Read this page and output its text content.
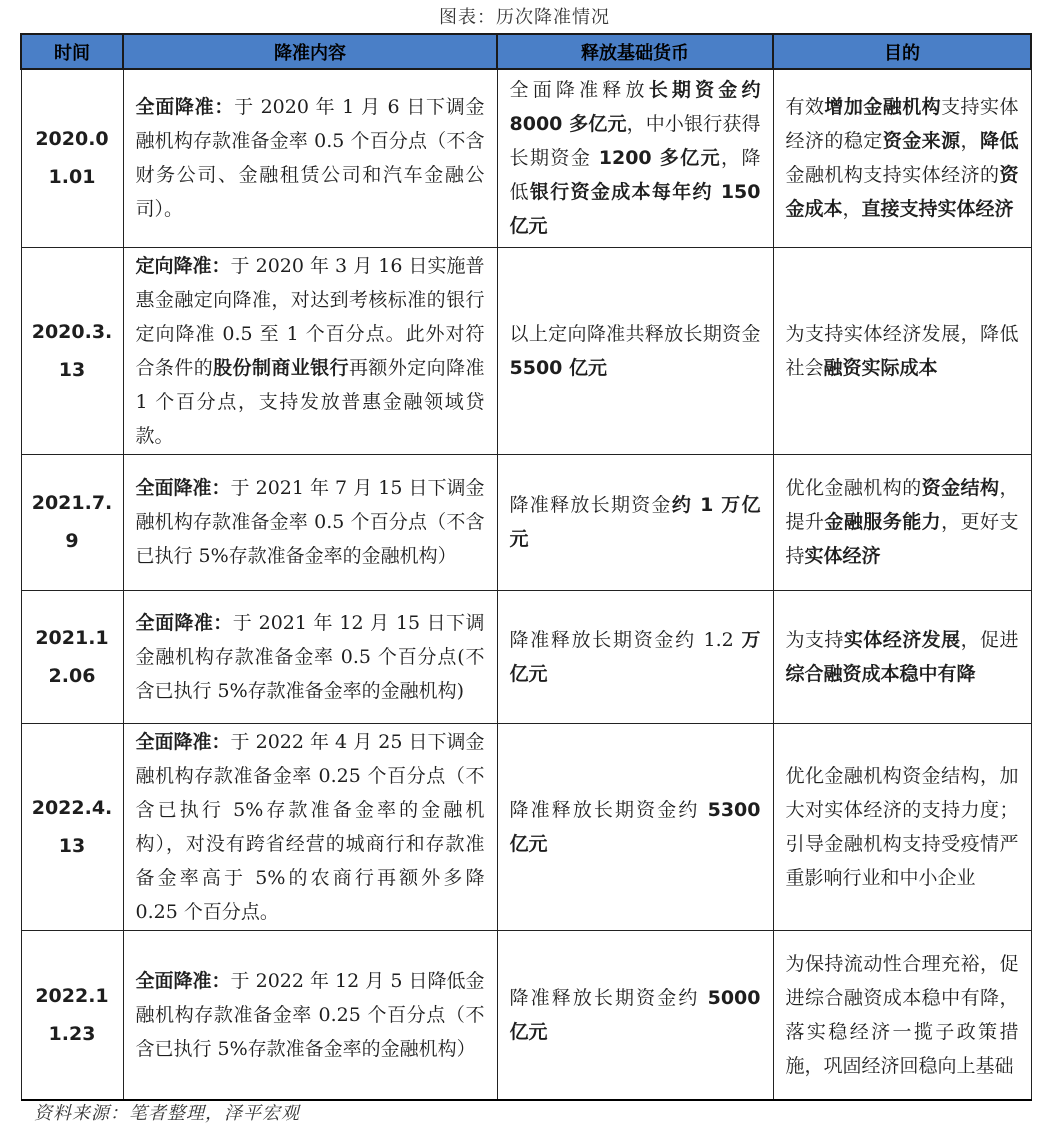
图表：历次降准情况
时间	降准内容	释放基础货币	目的
2020.01.01	全面降准：于 2020 年 1 月 6 日下调金融机构存款准备金率 0.5 个百分点（不含财务公司、金融租赁公司和汽车金融公司）。	全面降准释放长期资金约 8000 多亿元，中小银行获得长期资金 1200 多亿元，降低银行资金成本每年约 150 亿元	有效增加金融机构支持实体经济的稳定资金来源，降低金融机构支持实体经济的资金成本，直接支持实体经济
2020.3.13	定向降准：于 2020 年 3 月 16 日实施普惠金融定向降准，对达到考核标准的银行定向降准 0.5 至 1 个百分点。此外对符合条件的股份制商业银行再额外定向降准 1 个百分点，支持发放普惠金融领域贷款。	以上定向降准共释放长期资金 5500 亿元	为支持实体经济发展，降低社会融资实际成本
2021.7.9	全面降准：于 2021 年 7 月 15 日下调金融机构存款准备金率 0.5 个百分点（不含已执行 5%存款准备金率的金融机构）	降准释放长期资金约 1 万亿元	优化金融机构的资金结构，提升金融服务能力，更好支持实体经济
2021.12.06	全面降准：于 2021 年 12 月 15 日下调金融机构存款准备金率 0.5 个百分点(不含已执行 5%存款准备金率的金融机构)	降准释放长期资金约 1.2 万亿元	为支持实体经济发展，促进综合融资成本稳中有降
2022.4.13	全面降准：于 2022 年 4 月 25 日下调金融机构存款准备金率 0.25 个百分点（不含已执行 5%存款准备金率的金融机构），对没有跨省经营的城商行和存款准备金率高于 5%的农商行再额外多降 0.25 个百分点。	降准释放长期资金约 5300 亿元	优化金融机构资金结构，加大对实体经济的支持力度；引导金融机构支持受疫情严重影响行业和中小企业
2022.11.23	全面降准：于 2022 年 12 月 5 日降低金融机构存款准备金率 0.25 个百分点（不含已执行 5%存款准备金率的金融机构）	降准释放长期资金约 5000 亿元	为保持流动性合理充裕，促进综合融资成本稳中有降，落实稳经济一揽子政策措施，巩固经济回稳向上基础
资料来源：笔者整理，泽平宏观
